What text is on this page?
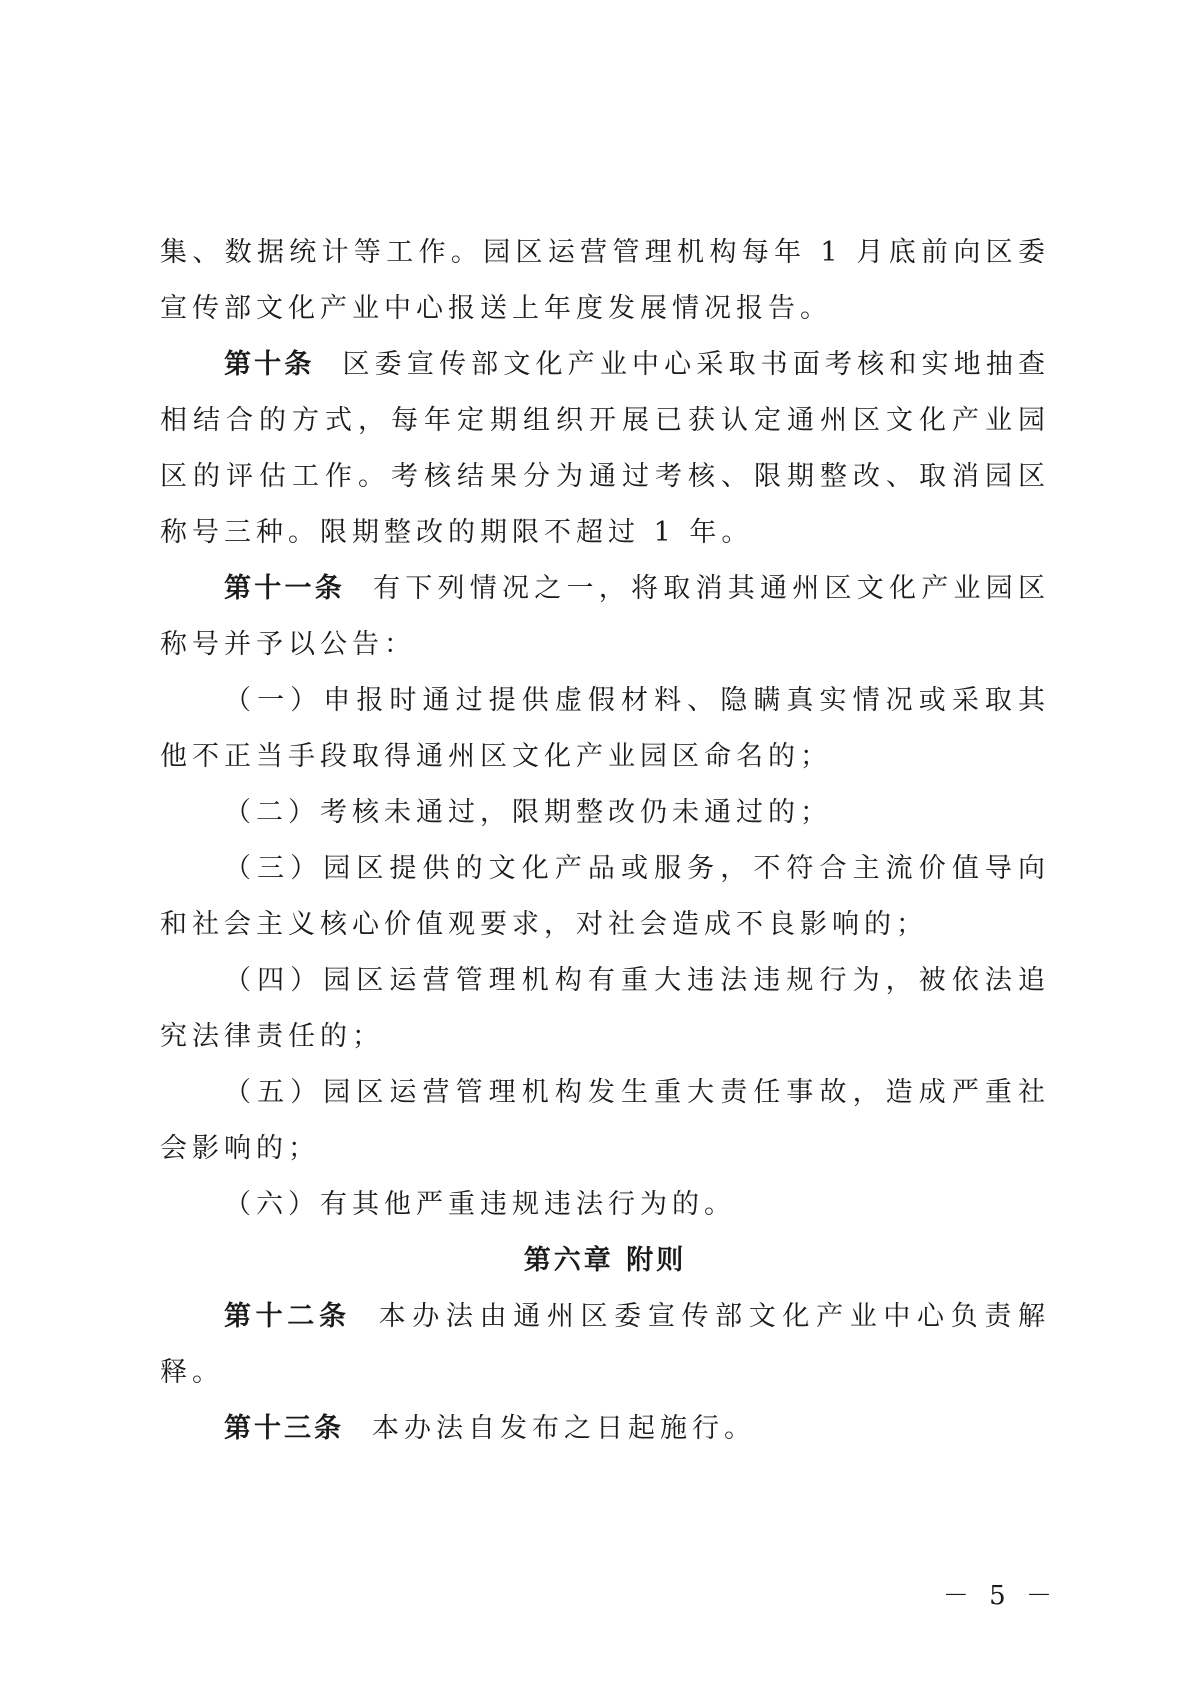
集、数据统计等工作。园区运营管理机构每年 1 月底前向区委宣传部文化产业中心报送上年度发展情况报告。

第十条 区委宣传部文化产业中心采取书面考核和实地抽查相结合的方式，每年定期组织开展已获认定通州区文化产业园区的评估工作。考核结果分为通过考核、限期整改、取消园区称号三种。限期整改的期限不超过 1 年。

第十一条 有下列情况之一，将取消其通州区文化产业园区称号并予以公告：

（一）申报时通过提供虚假材料、隐瞒真实情况或采取其他不正当手段取得通州区文化产业园区命名的；

（二）考核未通过，限期整改仍未通过的；

（三）园区提供的文化产品或服务，不符合主流价值导向和社会主义核心价值观要求，对社会造成不良影响的；

（四）园区运营管理机构有重大违法违规行为，被依法追究法律责任的；

（五）园区运营管理机构发生重大责任事故，造成严重社会影响的；

（六）有其他严重违规违法行为的。

第六章 附则

第十二条 本办法由通州区委宣传部文化产业中心负责解释。

第十三条 本办法自发布之日起施行。

－ 5 －
